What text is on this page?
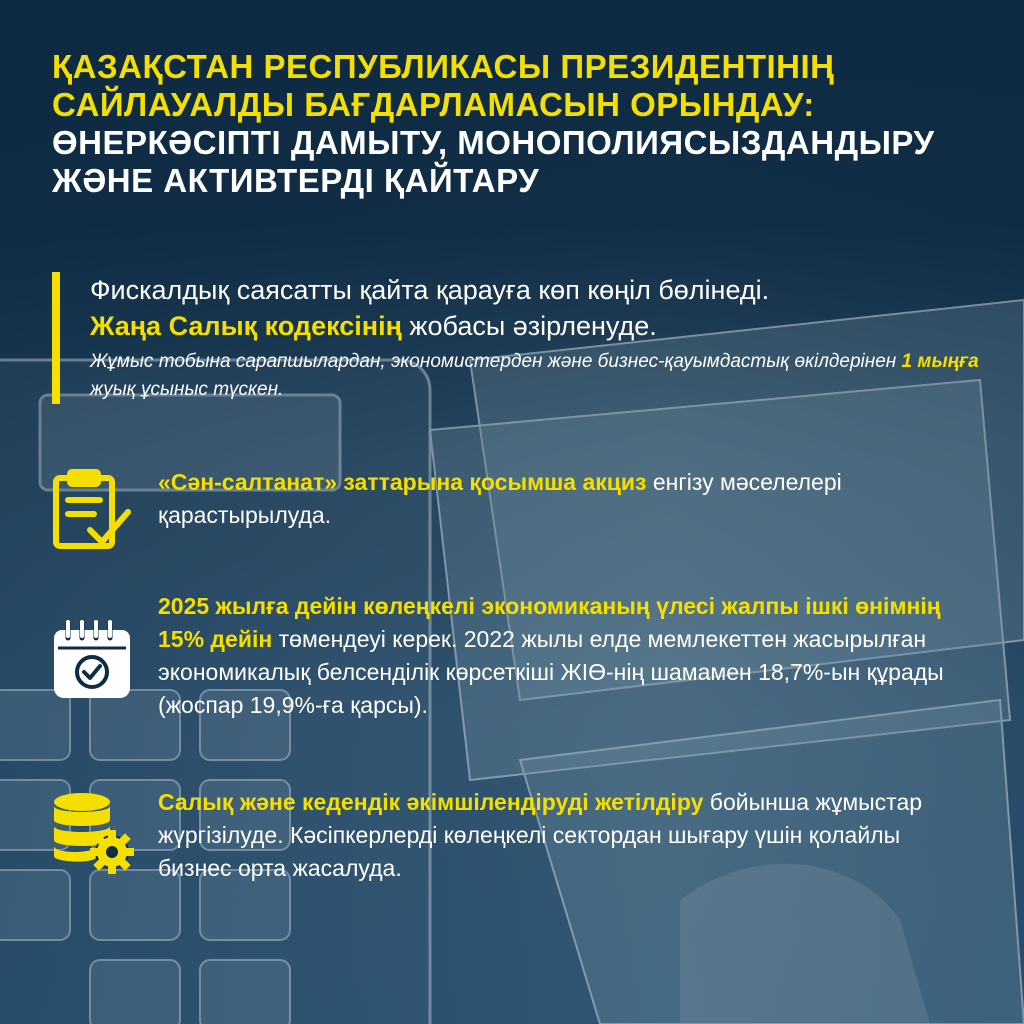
ҚАЗАҚСТАН РЕСПУБЛИКАСЫ ПРЕЗИДЕНТІНІҢ
САЙЛАУАЛДЫ БАҒДАРЛАМАСЫН ОРЫНДАУ:
ӨНЕРКӘСІПТІ ДАМЫТУ, МОНОПОЛИЯСЫЗДАНДЫРУ
ЖӘНЕ АКТИВТЕРДІ ҚАЙТАРУ
Фискалдық саясатты қайта қарауға көп көңіл бөлінеді.
Жаңа Салық кодексінің жобасы әзірленуде.
Жұмыс тобына сарапшылардан, экономистерден және бизнес-қауымдастық өкілдерінен 1 мыңға жуық ұсыныс түскен.
«Сән-салтанат» заттарына қосымша акциз енгізу мәселелері қарастырылуда.
2025 жылға дейін көлеңкелі экономиканың үлесі жалпы ішкі өнімнің 15% дейін төмендеуі керек. 2022 жылы елде мемлекеттен жасырылған экономикалық белсенділік көрсеткіші ЖІӨ-нің шамамен 18,7%-ын құрады (жоспар 19,9%-ға қарсы).
Салық және кедендік әкімшілендіруді жетілдіру бойынша жұмыстар жүргізілуде. Кәсіпкерлерді көлеңкелі сектордан шығару үшін қолайлы бизнес орта жасалуда.
